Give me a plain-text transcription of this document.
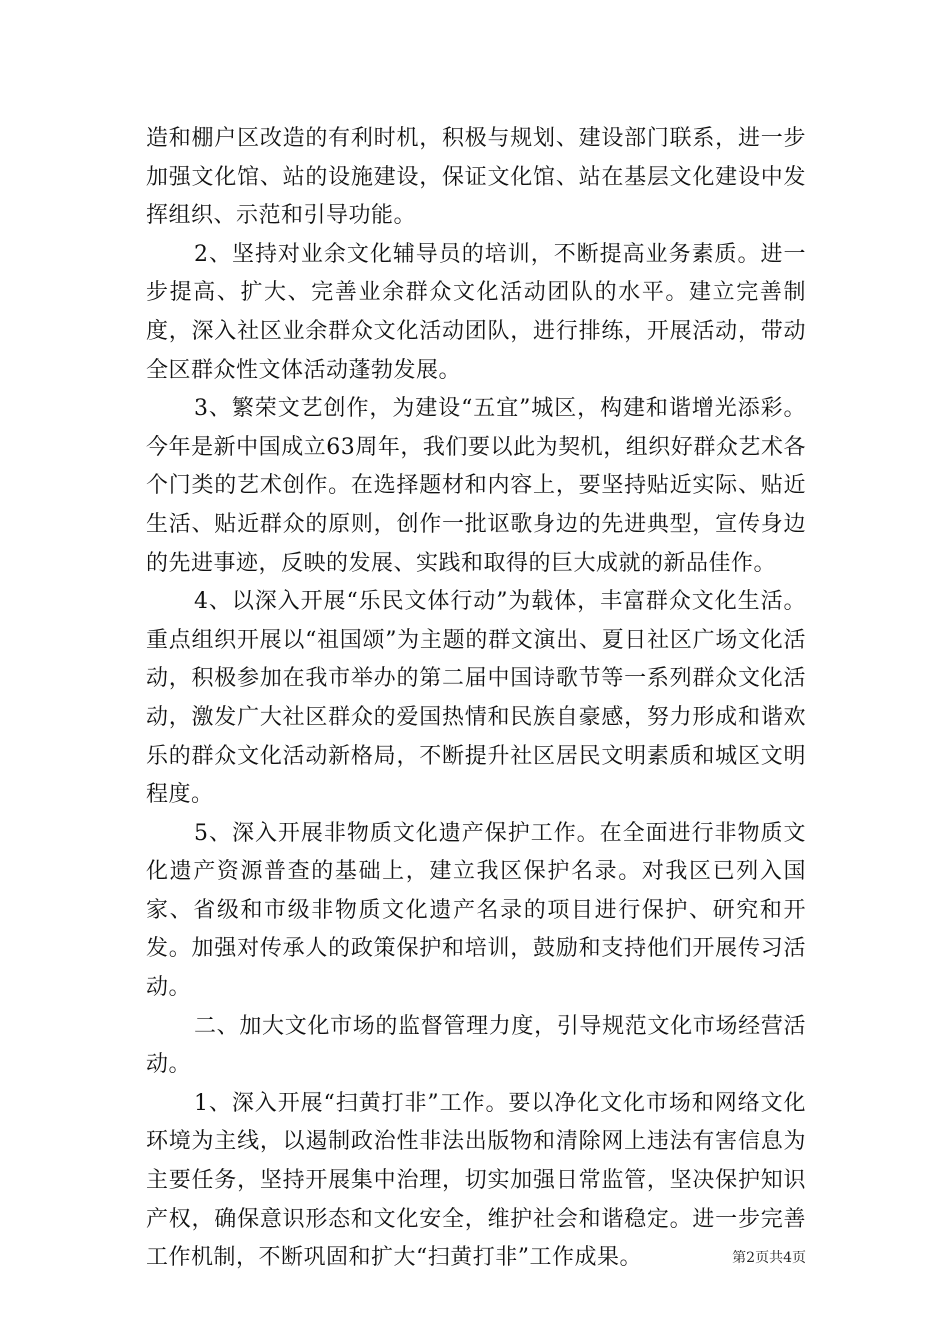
造和棚户区改造的有利时机，积极与规划、建设部门联系，进一步加强文化馆、站的设施建设，保证文化馆、站在基层文化建设中发挥组织、示范和引导功能。

2、坚持对业余文化辅导员的培训，不断提高业务素质。进一步提高、扩大、完善业余群众文化活动团队的水平。建立完善制度，深入社区业余群众文化活动团队，进行排练，开展活动，带动全区群众性文体活动蓬勃发展。

3、繁荣文艺创作，为建设“五宜”城区，构建和谐增光添彩。今年是新中国成立63周年，我们要以此为契机，组织好群众艺术各个门类的艺术创作。在选择题材和内容上，要坚持贴近实际、贴近生活、贴近群众的原则，创作一批讴歌身边的先进典型，宣传身边的先进事迹，反映的发展、实践和取得的巨大成就的新品佳作。

4、以深入开展“乐民文体行动”为载体，丰富群众文化生活。重点组织开展以“祖国颂”为主题的群文演出、夏日社区广场文化活动，积极参加在我市举办的第二届中国诗歌节等一系列群众文化活动，激发广大社区群众的爱国热情和民族自豪感，努力形成和谐欢乐的群众文化活动新格局，不断提升社区居民文明素质和城区文明程度。

5、深入开展非物质文化遗产保护工作。在全面进行非物质文化遗产资源普查的基础上，建立我区保护名录。对我区已列入国家、省级和市级非物质文化遗产名录的项目进行保护、研究和开发。加强对传承人的政策保护和培训，鼓励和支持他们开展传习活动。

二、加大文化市场的监督管理力度，引导规范文化市场经营活动。

1、深入开展“扫黄打非”工作。要以净化文化市场和网络文化环境为主线，以遏制政治性非法出版物和清除网上违法有害信息为主要任务，坚持开展集中治理，切实加强日常监管，坚决保护知识产权，确保意识形态和文化安全，维护社会和谐稳定。进一步完善工作机制，不断巩固和扩大“扫黄打非”工作成果。	第2页共4页
